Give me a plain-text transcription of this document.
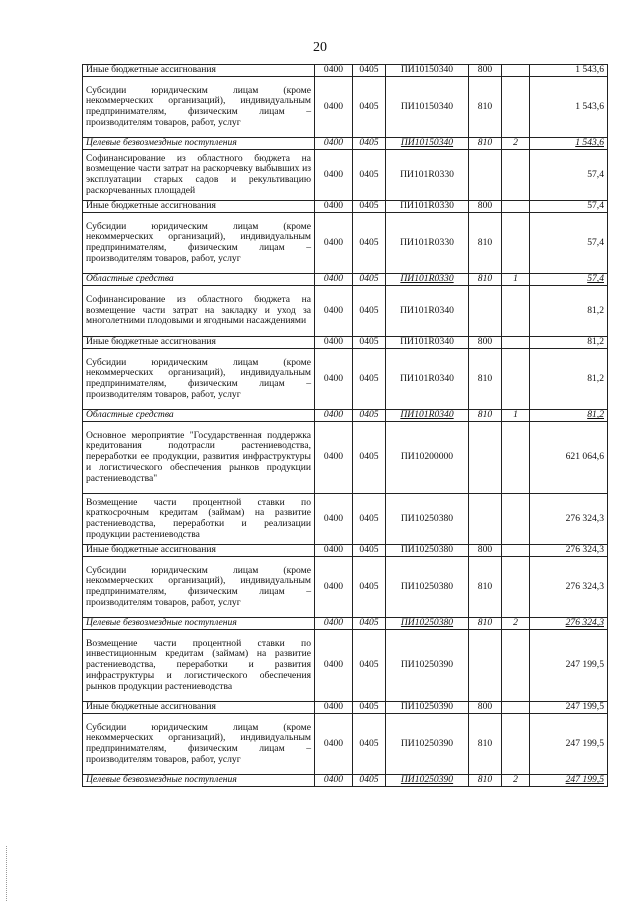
20
Иные бюджетные ассигнования	0400	0405	ПИ10150340	800		1 543,6
Субсидии юридическим лицам (кроме некоммерческих организаций), индивидуальным предпринимателям, физическим лицам – производителям товаров, работ, услуг	0400	0405	ПИ10150340	810		1 543,6
Целевые безвозмездные поступления	0400	0405	ПИ10150340	810	2	1 543,6
Софинансирование из областного бюджета на возмещение части затрат на раскорчевку выбывших из эксплуатации старых садов и рекультивацию раскорчеванных площадей	0400	0405	ПИ101R0330			57,4
Иные бюджетные ассигнования	0400	0405	ПИ101R0330	800		57,4
Субсидии юридическим лицам (кроме некоммерческих организаций), индивидуальным предпринимателям, физическим лицам – производителям товаров, работ, услуг	0400	0405	ПИ101R0330	810		57,4
Областные средства	0400	0405	ПИ101R0330	810	1	57,4
Софинансирование из областного бюджета на возмещение части затрат на закладку и уход за многолетними плодовыми и ягодными насаждениями	0400	0405	ПИ101R0340			81,2
Иные бюджетные ассигнования	0400	0405	ПИ101R0340	800		81,2
Субсидии юридическим лицам (кроме некоммерческих организаций), индивидуальным предпринимателям, физическим лицам – производителям товаров, работ, услуг	0400	0405	ПИ101R0340	810		81,2
Областные средства	0400	0405	ПИ101R0340	810	1	81,2
Основное мероприятие "Государственная поддержка кредитования подотрасли растениеводства, переработки ее продукции, развития инфраструктуры и логистического обеспечения рынков продукции растениеводства"	0400	0405	ПИ10200000			621 064,6
Возмещение части процентной ставки по краткосрочным кредитам (займам) на развитие растениеводства, переработки и реализации продукции растениеводства	0400	0405	ПИ10250380			276 324,3
Иные бюджетные ассигнования	0400	0405	ПИ10250380	800		276 324,3
Субсидии юридическим лицам (кроме некоммерческих организаций), индивидуальным предпринимателям, физическим лицам – производителям товаров, работ, услуг	0400	0405	ПИ10250380	810		276 324,3
Целевые безвозмездные поступления	0400	0405	ПИ10250380	810	2	276 324,3
Возмещение части процентной ставки по инвестиционным кредитам (займам) на развитие растениеводства, переработки и развития инфраструктуры и логистического обеспечения рынков продукции растениеводства	0400	0405	ПИ10250390			247 199,5
Иные бюджетные ассигнования	0400	0405	ПИ10250390	800		247 199,5
Субсидии юридическим лицам (кроме некоммерческих организаций), индивидуальным предпринимателям, физическим лицам – производителям товаров, работ, услуг	0400	0405	ПИ10250390	810		247 199,5
Целевые безвозмездные поступления	0400	0405	ПИ10250390	810	2	247 199,5
